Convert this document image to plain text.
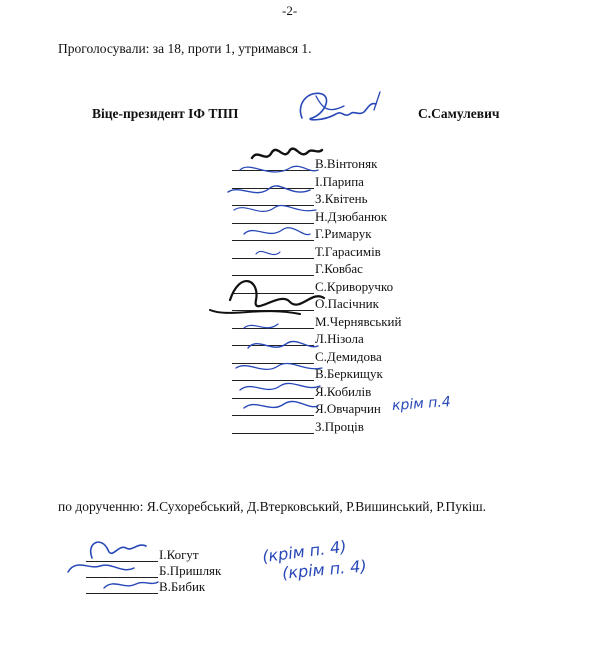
-2-
Проголосували: за 18, проти 1, утримався 1.
Віце-президент ІФ ТПП	С.Самулевич
В.Вінтоняк
І.Парипа
З.Квітень
Н.Дзюбанюк
Г.Римарук
Т.Гарасимів
Г.Ковбас
С.Криворучко
О.Пасічник
М.Чернявський
Л.Нізола
С.Демидова
В.Беркищук
Я.Кобилів
Я.Овчарчин
З.Проців
крім п.4
по дорученню: Я.Сухоребський, Д.Втерковський, Р.Вишинський, Р.Пукіш.
І.Когут
Б.Пришляк
В.Бибик
(крім п. 4)
(крім п. 4)
